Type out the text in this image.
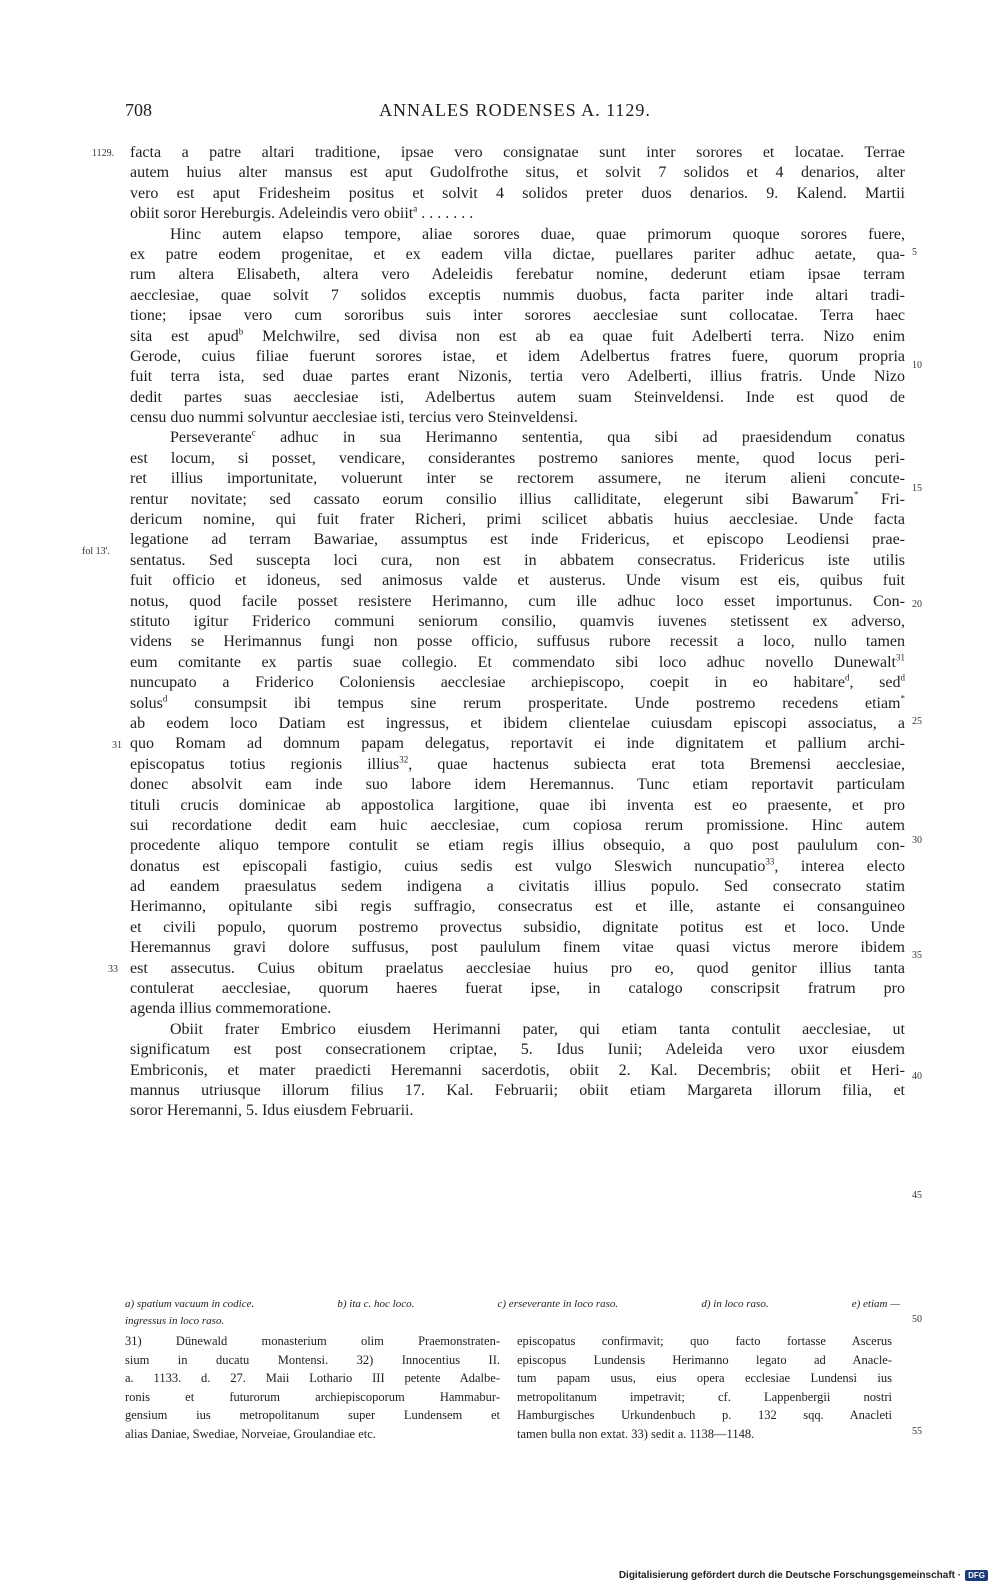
708	ANNALES RODENSES A. 1129.
1129.
fol 13'.
31
33
5
10
15
20
25
30
35
40
45
50
55

facta a patre altari traditione, ipsae vero consignatae sunt inter sorores et locatae. Terrae
autem huius alter mansus est aput Gudolfrothe situs, et solvit 7 solidos et 4 denarios, alter
vero est aput Fridesheim positus et solvit 4 solidos preter duos denarios. 9. Kalend. Martii
obiit soror Hereburgis. Adeleindis vero obiit$^a$ . . . . . . .

Hinc autem elapso tempore, aliae sorores duae, quae primorum quoque sorores fuere,
ex patre eodem progenitae, et ex eadem villa dictae, puellares pariter adhuc aetate, qua-
rum altera Elisabeth, altera vero Adeleidis ferebatur nomine, dederunt etiam ipsae terram
aecclesiae, quae solvit 7 solidos exceptis nummis duobus, facta pariter inde altari tradi-
tione; ipsae vero cum sororibus suis inter sorores aecclesiae sunt collocatae. Terra haec
sita est apud$^b$ Melchwilre, sed divisa non est ab ea quae fuit Adelberti terra. Nizo enim
Gerode, cuius filiae fuerunt sorores istae, et idem Adelbertus fratres fuere, quorum propria
fuit terra ista, sed duae partes erant Nizonis, tertia vero Adelberti, illius fratris. Unde Nizo
dedit partes suas aecclesiae isti, Adelbertus autem suam Steinveldensi. Inde est quod de
censu duo nummi solvuntur aecclesiae isti, tercius vero Steinveldensi.

Perseverante$^c$ adhuc in sua Herimanno sententia, qua sibi ad praesidendum conatus
est locum, si posset, vendicare, considerantes postremo saniores mente, quod locus peri-
ret illius importunitate, voluerunt inter se rectorem assumere, ne iterum alieni concute-
rentur novitate; sed cassato eorum consilio illius calliditate, elegerunt sibi Bawarum* Fri-
dericum nomine, qui fuit frater Richeri, primi scilicet abbatis huius aecclesiae. Unde facta
legatione ad terram Bawariae, assumptus est inde Fridericus, et episcopo Leodiensi prae-
sentatus. Sed suscepta loci cura, non est in abbatem consecratus. Fridericus iste utilis
fuit officio et idoneus, sed animosus valde et austerus. Unde visum est eis, quibus fuit
notus, quod facile posset resistere Herimanno, cum ille adhuc loco esset importunus. Con-
stituto igitur Friderico communi seniorum consilio, quamvis iuvenes stetissent ex adverso,
videns se Herimannus fungi non posse officio, suffusus rubore recessit a loco, nullo tamen
eum comitante ex partis suae collegio. Et commendato sibi loco adhuc novello Dunewalt$^{31}$
nuncupato a Friderico Coloniensis aecclesiae archiepiscopo, coepit in eo habitare$^d$, sed$^d$
solus$^d$ consumpsit ibi tempus sine rerum prosperitate. Unde postremo recedens etiam*
ab eodem loco Datiam est ingressus, et ibidem clientelae cuiusdam episcopi associatus, a
quo Romam ad domnum papam delegatus, reportavit ei inde dignitatem et pallium archi-
episcopatus totius regionis illius$^{32}$, quae hactenus subiecta erat tota Bremensi aecclesiae,
donec absolvit eam inde suo labore idem Heremannus. Tunc etiam reportavit particulam
tituli crucis dominicae ab appostolica largitione, quae ibi inventa est eo praesente, et pro
sui recordatione dedit eam huic aecclesiae, cum copiosa rerum promissione. Hinc autem
procedente aliquo tempore contulit se etiam regis illius obsequio, a quo post paululum con-
donatus est episcopali fastigio, cuius sedis est vulgo Sleswich nuncupatio$^{33}$, interea electo
ad eandem praesulatus sedem indigena a civitatis illius populo. Sed consecrato statim
Herimanno, opitulante sibi regis suffragio, consecratus est et ille, astante ei consanguineo
et civili populo, quorum postremo provectus subsidio, dignitate potitus est et loco. Unde
Heremannus gravi dolore suffusus, post paululum finem vitae quasi victus merore ibidem
est assecutus. Cuius obitum praelatus aecclesiae huius pro eo, quod genitor illius tanta
contulerat aecclesiae, quorum haeres fuerat ipse, in catalogo conscripsit fratrum pro
agenda illius commemoratione.

Obiit frater Embrico eiusdem Herimanni pater, qui etiam tanta contulit aecclesiae, ut
significatum est post consecrationem criptae, 5. Idus Iunii; Adeleida vero uxor eiusdem
Embriconis, et mater praedicti Heremanni sacerdotis, obiit 2. Kal. Decembris; obiit et Heri-
mannus utriusque illorum filius 17. Kal. Februarii; obiit etiam Margareta illorum filia, et
soror Heremanni, 5. Idus eiusdem Februarii.

a) spatium vacuum in codice.	b) ita c. hoc loco.	c) erseverante in loco raso.	d) in loco raso.	e) etiam —
ingressus in loco raso.
31) Dünewald monasterium olim Praemonstraten-
sium in ducatu Montensi. 32) Innocentius II.
a. 1133. d. 27. Maii Lothario III petente Adalbe-
ronis et futurorum archiepiscoporum Hammabur-
gensium ius metropolitanum super Lundensem et
alias Daniae, Swediae, Norveiae, Groulandiae etc.
episcopatus confirmavit; quo facto fortasse Ascerus
episcopus Lundensis Herimanno legato ad Anacle-
tum papam usus, eius opera ecclesiae Lundensi ius
metropolitanum impetravit; cf. Lappenbergii nostri
Hamburgisches Urkundenbuch p. 132 sqq. Anacleti
tamen bulla non extat. 33) sedit a. 1138—1148.
Digitalisierung gefördert durch die Deutsche Forschungsgemeinschaft · DFG
